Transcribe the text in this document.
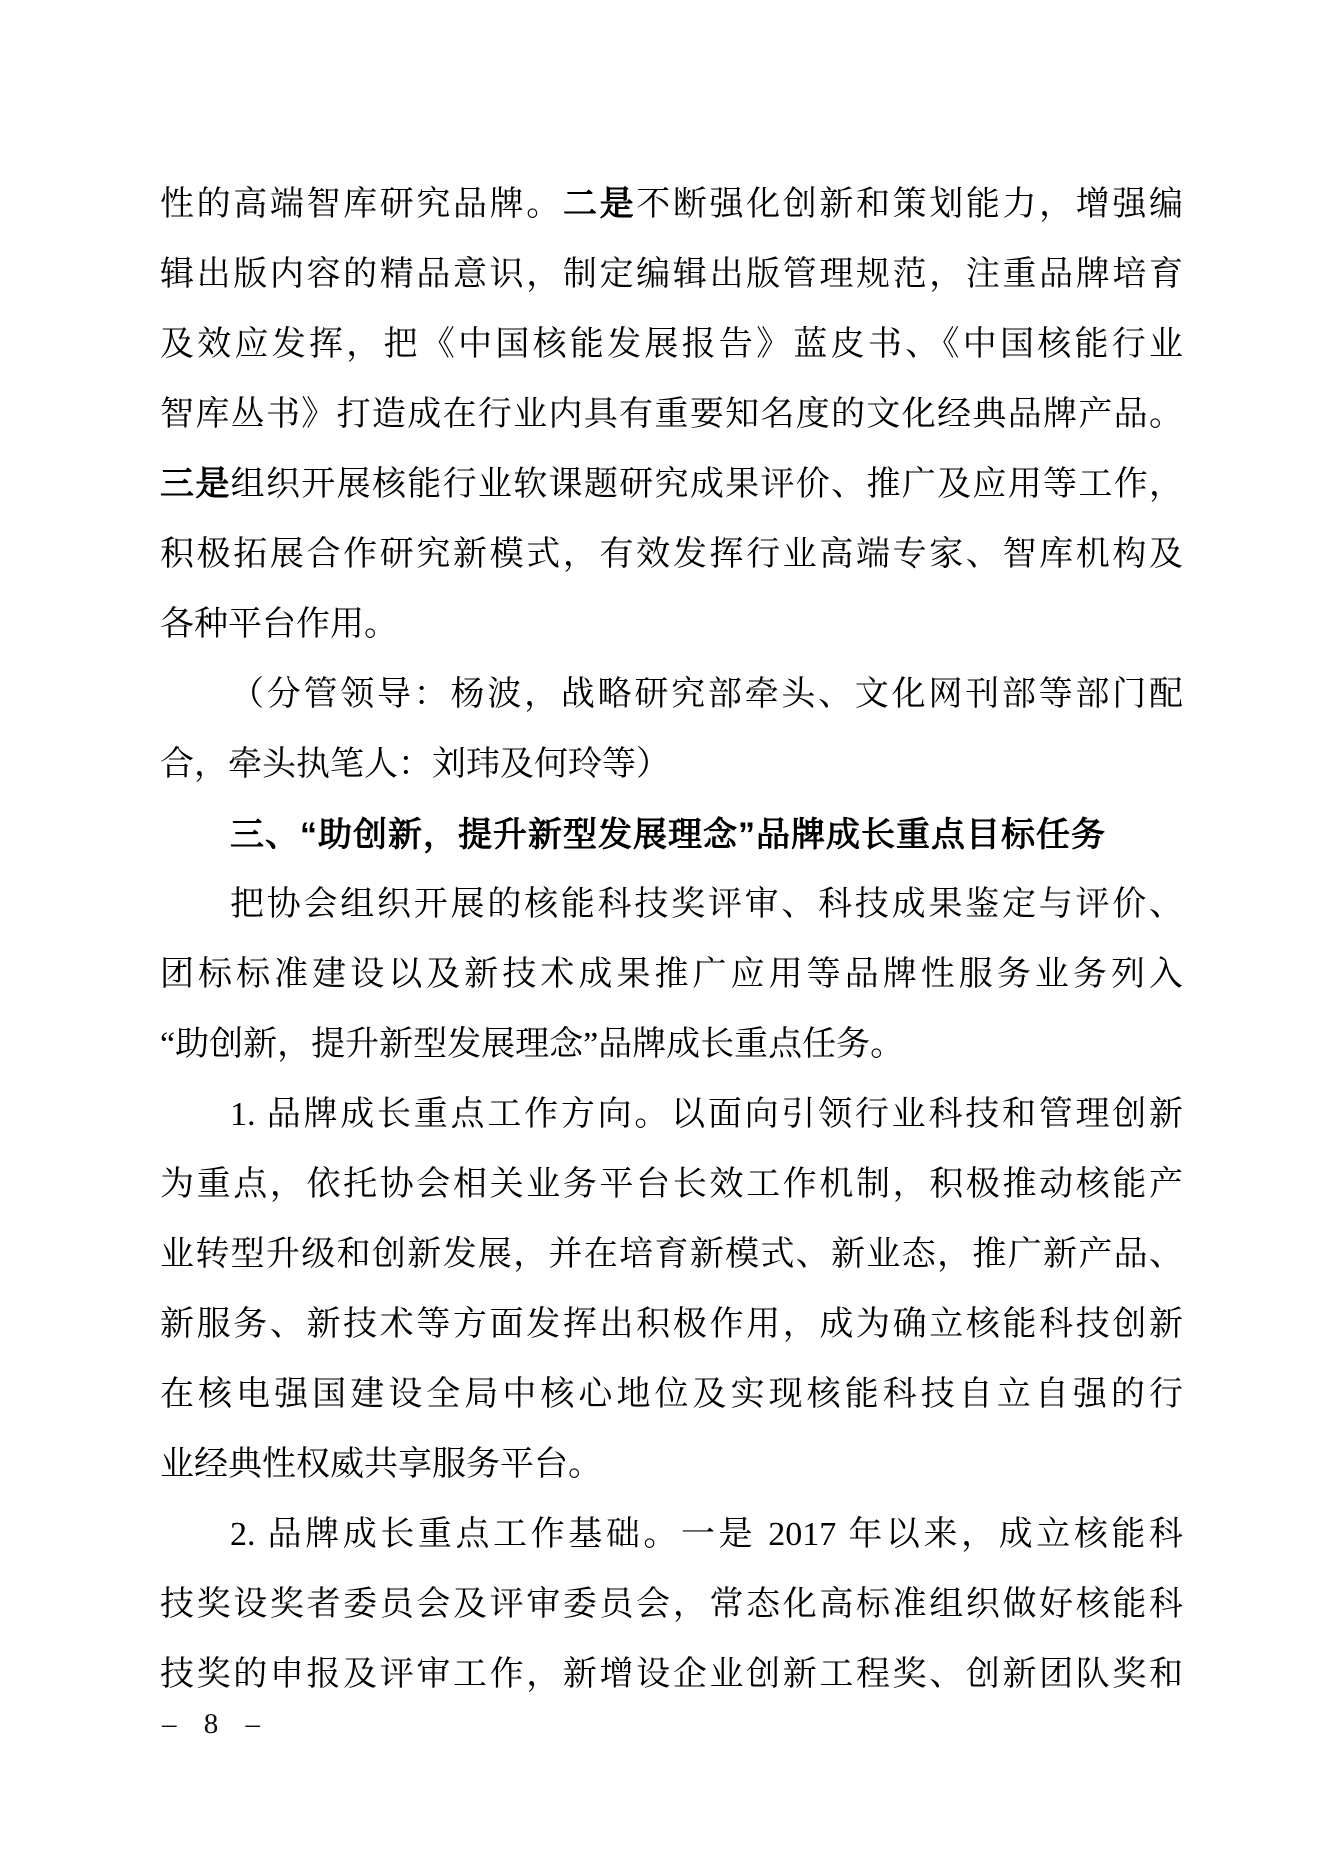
性的高端智库研究品牌。二是不断强化创新和策划能力，增强编
辑出版内容的精品意识，制定编辑出版管理规范，注重品牌培育
及效应发挥，把《中国核能发展报告》蓝皮书、《中国核能行业
智库丛书》打造成在行业内具有重要知名度的文化经典品牌产品。
三是组织开展核能行业软课题研究成果评价、推广及应用等工作，
积极拓展合作研究新模式，有效发挥行业高端专家、智库机构及
各种平台作用。
（分管领导：杨波，战略研究部牵头、文化网刊部等部门配
合，牵头执笔人：刘玮及何玲等）
三、“助创新，提升新型发展理念”品牌成长重点目标任务
把协会组织开展的核能科技奖评审、科技成果鉴定与评价、
团标标准建设以及新技术成果推广应用等品牌性服务业务列入
“助创新，提升新型发展理念”品牌成长重点任务。
1. 品牌成长重点工作方向。以面向引领行业科技和管理创新
为重点，依托协会相关业务平台长效工作机制，积极推动核能产
业转型升级和创新发展，并在培育新模式、新业态，推广新产品、
新服务、新技术等方面发挥出积极作用，成为确立核能科技创新
在核电强国建设全局中核心地位及实现核能科技自立自强的行
业经典性权威共享服务平台。
2. 品牌成长重点工作基础。一是 2017 年以来，成立核能科
技奖设奖者委员会及评审委员会，常态化高标准组织做好核能科
技奖的申报及评审工作，新增设企业创新工程奖、创新团队奖和
– 8 –
